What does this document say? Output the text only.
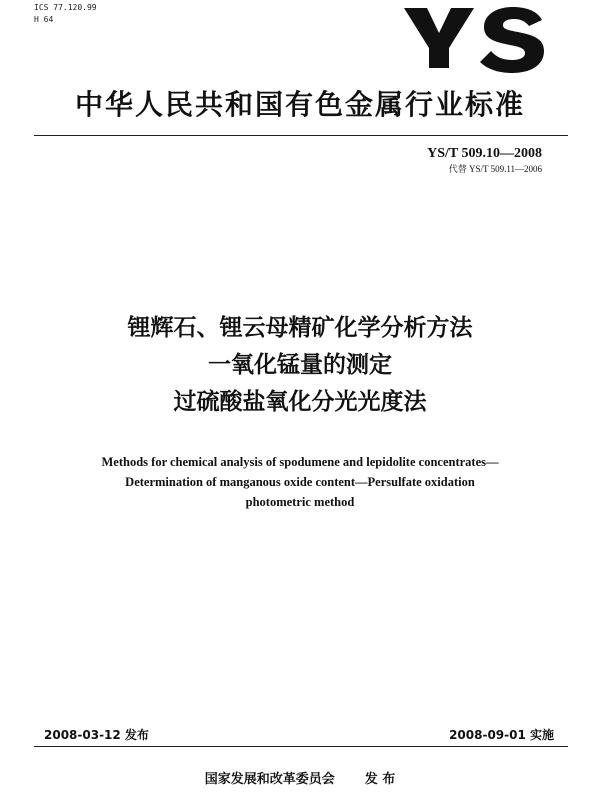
ICS 77.120.99
H 64
中华人民共和国有色金属行业标准
YS/T 509.10—2008
代替 YS/T 509.11—2006
锂辉石、锂云母精矿化学分析方法
一氧化锰量的测定
过硫酸盐氧化分光光度法
Methods for chemical analysis of spodumene and lepidolite concentrates—
Determination of manganous oxide content—Persulfate oxidation
photometric method
2008-03-12 发布	2008-09-01 实施
国家发展和改革委员会 发 布
